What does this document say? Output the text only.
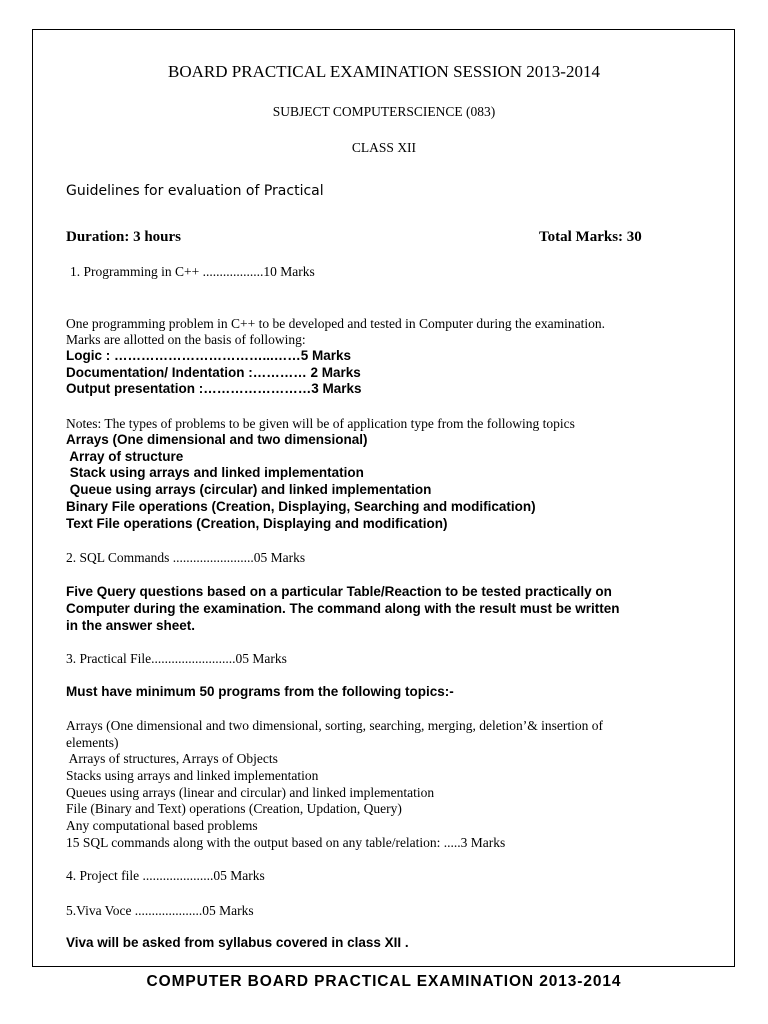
BOARD PRACTICAL EXAMINATION SESSION 2013-2014
SUBJECT COMPUTERSCIENCE (083)
CLASS XII
Guidelines for evaluation of Practical
Duration: 3 hours	Total Marks: 30
1. Programming in C++ ..................10 Marks
One programming problem in C++ to be developed and tested in Computer during the examination.
Marks are allotted on the basis of following:
Logic : ……………………………...……5 Marks
Documentation/ Indentation :………… 2 Marks
Output presentation :……………………3 Marks
Notes: The types of problems to be given will be of application type from the following topics
Arrays (One dimensional and two dimensional)
Array of structure
Stack using arrays and linked implementation
Queue using arrays (circular) and linked implementation
Binary File operations (Creation, Displaying, Searching and modification)
Text File operations (Creation, Displaying and modification)
2. SQL Commands ........................05 Marks
Five Query questions based on a particular Table/Reaction to be tested practically on
Computer during the examination. The command along with the result must be written
in the answer sheet.
3. Practical File.........................05 Marks
Must have minimum 50 programs from the following topics:-
Arrays (One dimensional and two dimensional, sorting, searching, merging, deletion’& insertion of
elements)
Arrays of structures, Arrays of Objects
Stacks using arrays and linked implementation
Queues using arrays (linear and circular) and linked implementation
File (Binary and Text) operations (Creation, Updation, Query)
Any computational based problems
15 SQL commands along with the output based on any table/relation: .....3 Marks
4. Project file .....................05 Marks
5.Viva Voce ....................05 Marks
Viva will be asked from syllabus covered in class XII .
COMPUTER BOARD PRACTICAL EXAMINATION 2013-2014
